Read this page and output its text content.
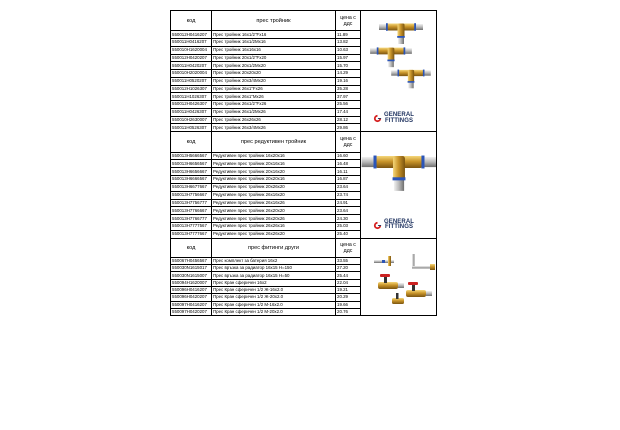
код	прес тройник	цена с ддс	GENERAL
FITTINGS

550012H0416207	Прес тройник 16х1/2"Fx16	11.89	
550011H0416207	Прес тройник 16х1/2Мх16	13.82	
550010H1620004	Прес тройник 16х16х16	10.63	
550012H0420207	Прес тройник 20х1/2"Fx20	15.97	
550011H0420207	Прес тройник 20х1/2Мх20	15.70	
550010H2020004	Прес тройник 20х20х20	14.29	
550011H0520207	Прес тройник 20х3/4Мх20	19.16	
550012H1026307	Прес тройник 26х1"Fx26	35.28	
550011H1026307	Прес тройник 26х1"Мх26	37.97	
550012H0426307	Прес тройник 26х1/2"Fx26	25.56	
550011H0426307	Прес тройник 26х1/2Мх26	17.44	
550010H2630007	Прес тройник 26х26х26	28.12	
550011H0526307	Прес тройник 26х3/4Мх26	29.86	
код	прес редуктивен тройник	цена с ддс	GENERAL
FITTINGS

550013H5666567	Редуктивен прес тройник 16х20х16	16.60	
550013H6656567	Редуктивен прес тройник 20х16х16	16.48	
550013H6656667	Редуктивен прес тройник 20х16х20	16.11	
550013H6666567	Редуктивен прес тройник 20х20х16	16.87	
550013H6677667	Редуктивен прес тройник 20х26х20	23.64	
550013H7756667	Редуктивен прес тройник 26х16х20	23.74	
550013H7756777	Редуктивен прес тройник 26х16х26	24.91	
550013H7766667	Редуктивен прес тройник 26х20х20	23.64	
550013H7766777	Редуктивен прес тройник 26х20х26	24.30	
550013H7777567	Редуктивен прес тройник 26х26х16	25.03	
550013H7777667	Редуктивен прес тройник 26х26х20	25.40	
код	прес фитинги други	цена с ддс	
550067H0456567	Прес комплект за батерия 16х2	33.55	
550030N1615017	Прес връзка за радиатор 16х15 Н=150	27.20	
550030N1615007	Прес връзка за радиатор 16х15 Н=50	25.44	
550094H1620007	Прес Кран сферичен 16х2	22.04	
550096H0416207	Прес Кран сферичен 1/2 Ж-16х2.0	19.21	
550096H0420207	Прес Кран сферичен 1/2 Ж-20х2.0	20.29	
550097H0416207	Прес Кран сферичен 1/2 М-16х2.0	19.66	
550097H0420207	Прес Кран сферичен 1/2 М-20х2.0	20.76	
